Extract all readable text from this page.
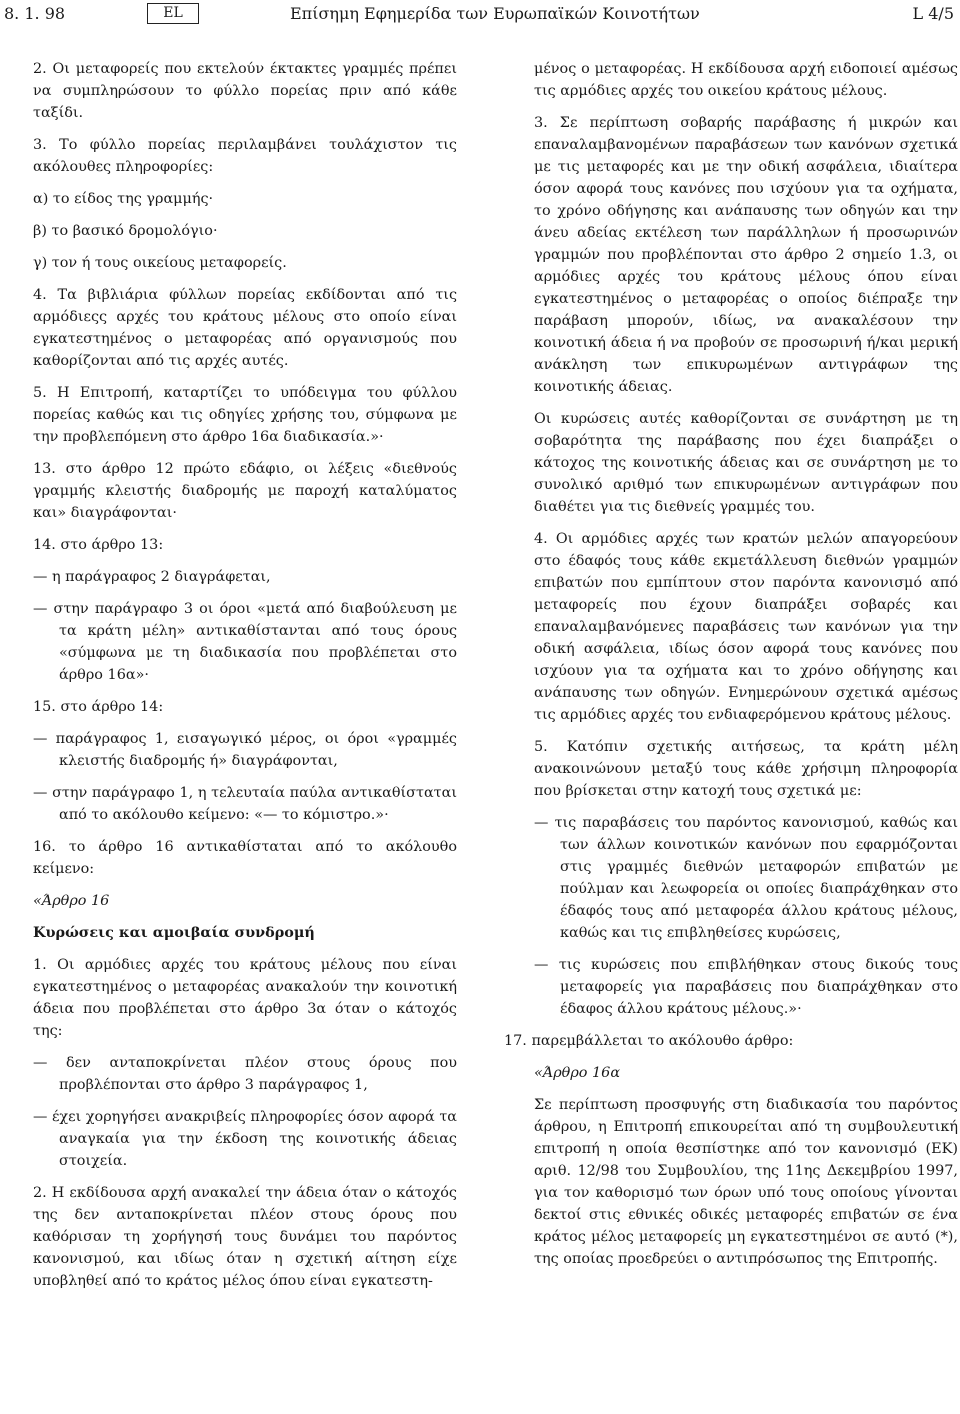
8. 1. 98	EL	Επίσημη Εφημερίδα των Ευρωπαϊκών Κοινοτήτων	L 4/5

2. Οι μεταφορείς που εκτελούν έκτακτες γραμμές πρέπει να συμπληρώσουν το φύλλο πορείας πριν από κάθε ταξίδι.

3. Το φύλλο πορείας περιλαμβάνει τουλάχιστον τις ακόλουθες πληροφορίες:

α) το είδος της γραμμής·

β) το βασικό δρομολόγιο·

γ) τον ή τους οικείους μεταφορείς.

4. Τα βιβλιάρια φύλλων πορείας εκδίδονται από τις αρμόδιεςς αρχές του κράτους μέλους στο οποίο είναι εγκατεστημένος ο μεταφορέας από οργανισμούς που καθορίζονται από τις αρχές αυτές.

5. Η Επιτροπή, καταρτίζει το υπόδειγμα του φύλλου πορείας καθώς και τις οδηγίες χρήσης του, σύμφωνα με την προβλεπόμενη στο άρθρο 16α διαδικασία.»·

13. στο άρθρο 12 πρώτο εδάφιο, οι λέξεις «διεθνούς γραμμής κλειστής διαδρομής με παροχή καταλύματος και» διαγράφονται·

14. στο άρθρο 13:

— η παράγραφος 2 διαγράφεται,

— στην παράγραφο 3 οι όροι «μετά από διαβούλευση με τα κράτη μέλη» αντικαθίστανται από τους όρους «σύμφωνα με τη διαδικασία που προβλέπεται στο άρθρο 16α»·

15. στο άρθρο 14:

— παράγραφος 1, εισαγωγικό μέρος, οι όροι «γραμμές κλειστής διαδρομής ή» διαγράφονται,

— στην παράγραφο 1, η τελευταία παύλα αντικαθίσταται από το ακόλουθο κείμενο: «— το κόμιστρο.»·

16. το άρθρο 16 αντικαθίσταται από το ακόλουθο κείμενο:

«Άρθρο 16

Κυρώσεις και αμοιβαία συνδρομή

1. Οι αρμόδιες αρχές του κράτους μέλους που είναι εγκατεστημένος ο μεταφορέας ανακαλούν την κοινοτική άδεια που προβλέπεται στο άρθρο 3α όταν ο κάτοχός της:

— δεν ανταποκρίνεται πλέον στους όρους που προβλέπονται στο άρθρο 3 παράγραφος 1,

— έχει χορηγήσει ανακριβείς πληροφορίες όσον αφορά τα αναγκαία για την έκδοση της κοινοτικής άδειας στοιχεία.

2. Η εκδίδουσα αρχή ανακαλεί την άδεια όταν ο κάτοχός της δεν ανταποκρίνεται πλέον στους όρους που καθόρισαν τη χορήγησή τους δυνάμει του παρόντος κανονισμού, και ιδίως όταν η σχετική αίτηση είχε υποβληθεί από το κράτος μέλος όπου είναι εγκατεστη-

μένος ο μεταφορέας. Η εκδίδουσα αρχή ειδοποιεί αμέσως τις αρμόδιες αρχές του οικείου κράτους μέλους.

3. Σε περίπτωση σοβαρής παράβασης ή μικρών και επαναλαμβανομένων παραβάσεων των κανόνων σχετικά με τις μεταφορές και με την οδική ασφάλεια, ιδιαίτερα όσον αφορά τους κανόνες που ισχύουν για τα οχήματα, το χρόνο οδήγησης και ανάπαυσης των οδηγών και την άνευ αδείας εκτέλεση των παράλληλων ή προσωρινών γραμμών που προβλέπονται στο άρθρο 2 σημείο 1.3, οι αρμόδιες αρχές του κράτους μέλους όπου είναι εγκατεστημένος ο μεταφορέας ο οποίος διέπραξε την παράβαση μπορούν, ιδίως, να ανακαλέσουν την κοινοτική άδεια ή να προβούν σε προσωρινή ή/και μερική ανάκληση των επικυρωμένων αντιγράφων της κοινοτικής άδειας.

Οι κυρώσεις αυτές καθορίζονται σε συνάρτηση με τη σοβαρότητα της παράβασης που έχει διαπράξει ο κάτοχος της κοινοτικής άδειας και σε συνάρτηση με το συνολικό αριθμό των επικυρωμένων αντιγράφων που διαθέτει για τις διεθνείς γραμμές του.

4. Οι αρμόδιες αρχές των κρατών μελών απαγορεύουν στο έδαφός τους κάθε εκμετάλλευση διεθνών γραμμών επιβατών που εμπίπτουν στον παρόντα κανονισμό από μεταφορείς που έχουν διαπράξει σοβαρές και επαναλαμβανόμενες παραβάσεις των κανόνων για την οδική ασφάλεια, ιδίως όσον αφορά τους κανόνες που ισχύουν για τα οχήματα και το χρόνο οδήγησης και ανάπαυσης των οδηγών. Ενημερώνουν σχετικά αμέσως τις αρμόδιες αρχές του ενδιαφερόμενου κράτους μέλους.

5. Κατόπιν σχετικής αιτήσεως, τα κράτη μέλη ανακοινώνουν μεταξύ τους κάθε χρήσιμη πληροφορία που βρίσκεται στην κατοχή τους σχετικά με:

— τις παραβάσεις του παρόντος κανονισμού, καθώς και των άλλων κοινοτικών κανόνων που εφαρμόζονται στις γραμμές διεθνών μεταφορών επιβατών με πούλμαν και λεωφορεία οι οποίες διαπράχθηκαν στο έδαφός τους από μεταφορέα άλλου κράτους μέλους, καθώς και τις επιβληθείσες κυρώσεις,

— τις κυρώσεις που επιβλήθηκαν στους δικούς τους μεταφορείς για παραβάσεις που διαπράχθηκαν στο έδαφος άλλου κράτους μέλους.»·

17. παρεμβάλλεται το ακόλουθο άρθρο:

«Άρθρο 16α

Σε περίπτωση προσφυγής στη διαδικασία του παρόντος άρθρου, η Επιτροπή επικουρείται από τη συμβουλευτική επιτροπή η οποία θεσπίστηκε από τον κανονισμό (ΕΚ) αριθ. 12/98 του Συμβουλίου, της 11ης Δεκεμβρίου 1997, για τον καθορισμό των όρων υπό τους οποίους γίνονται δεκτοί στις εθνικές οδικές μεταφορές επιβατών σε ένα κράτος μέλος μεταφορείς μη εγκατεστημένοι σε αυτό (*), της οποίας προεδρεύει ο αντιπρόσωπος της Επιτροπής.
